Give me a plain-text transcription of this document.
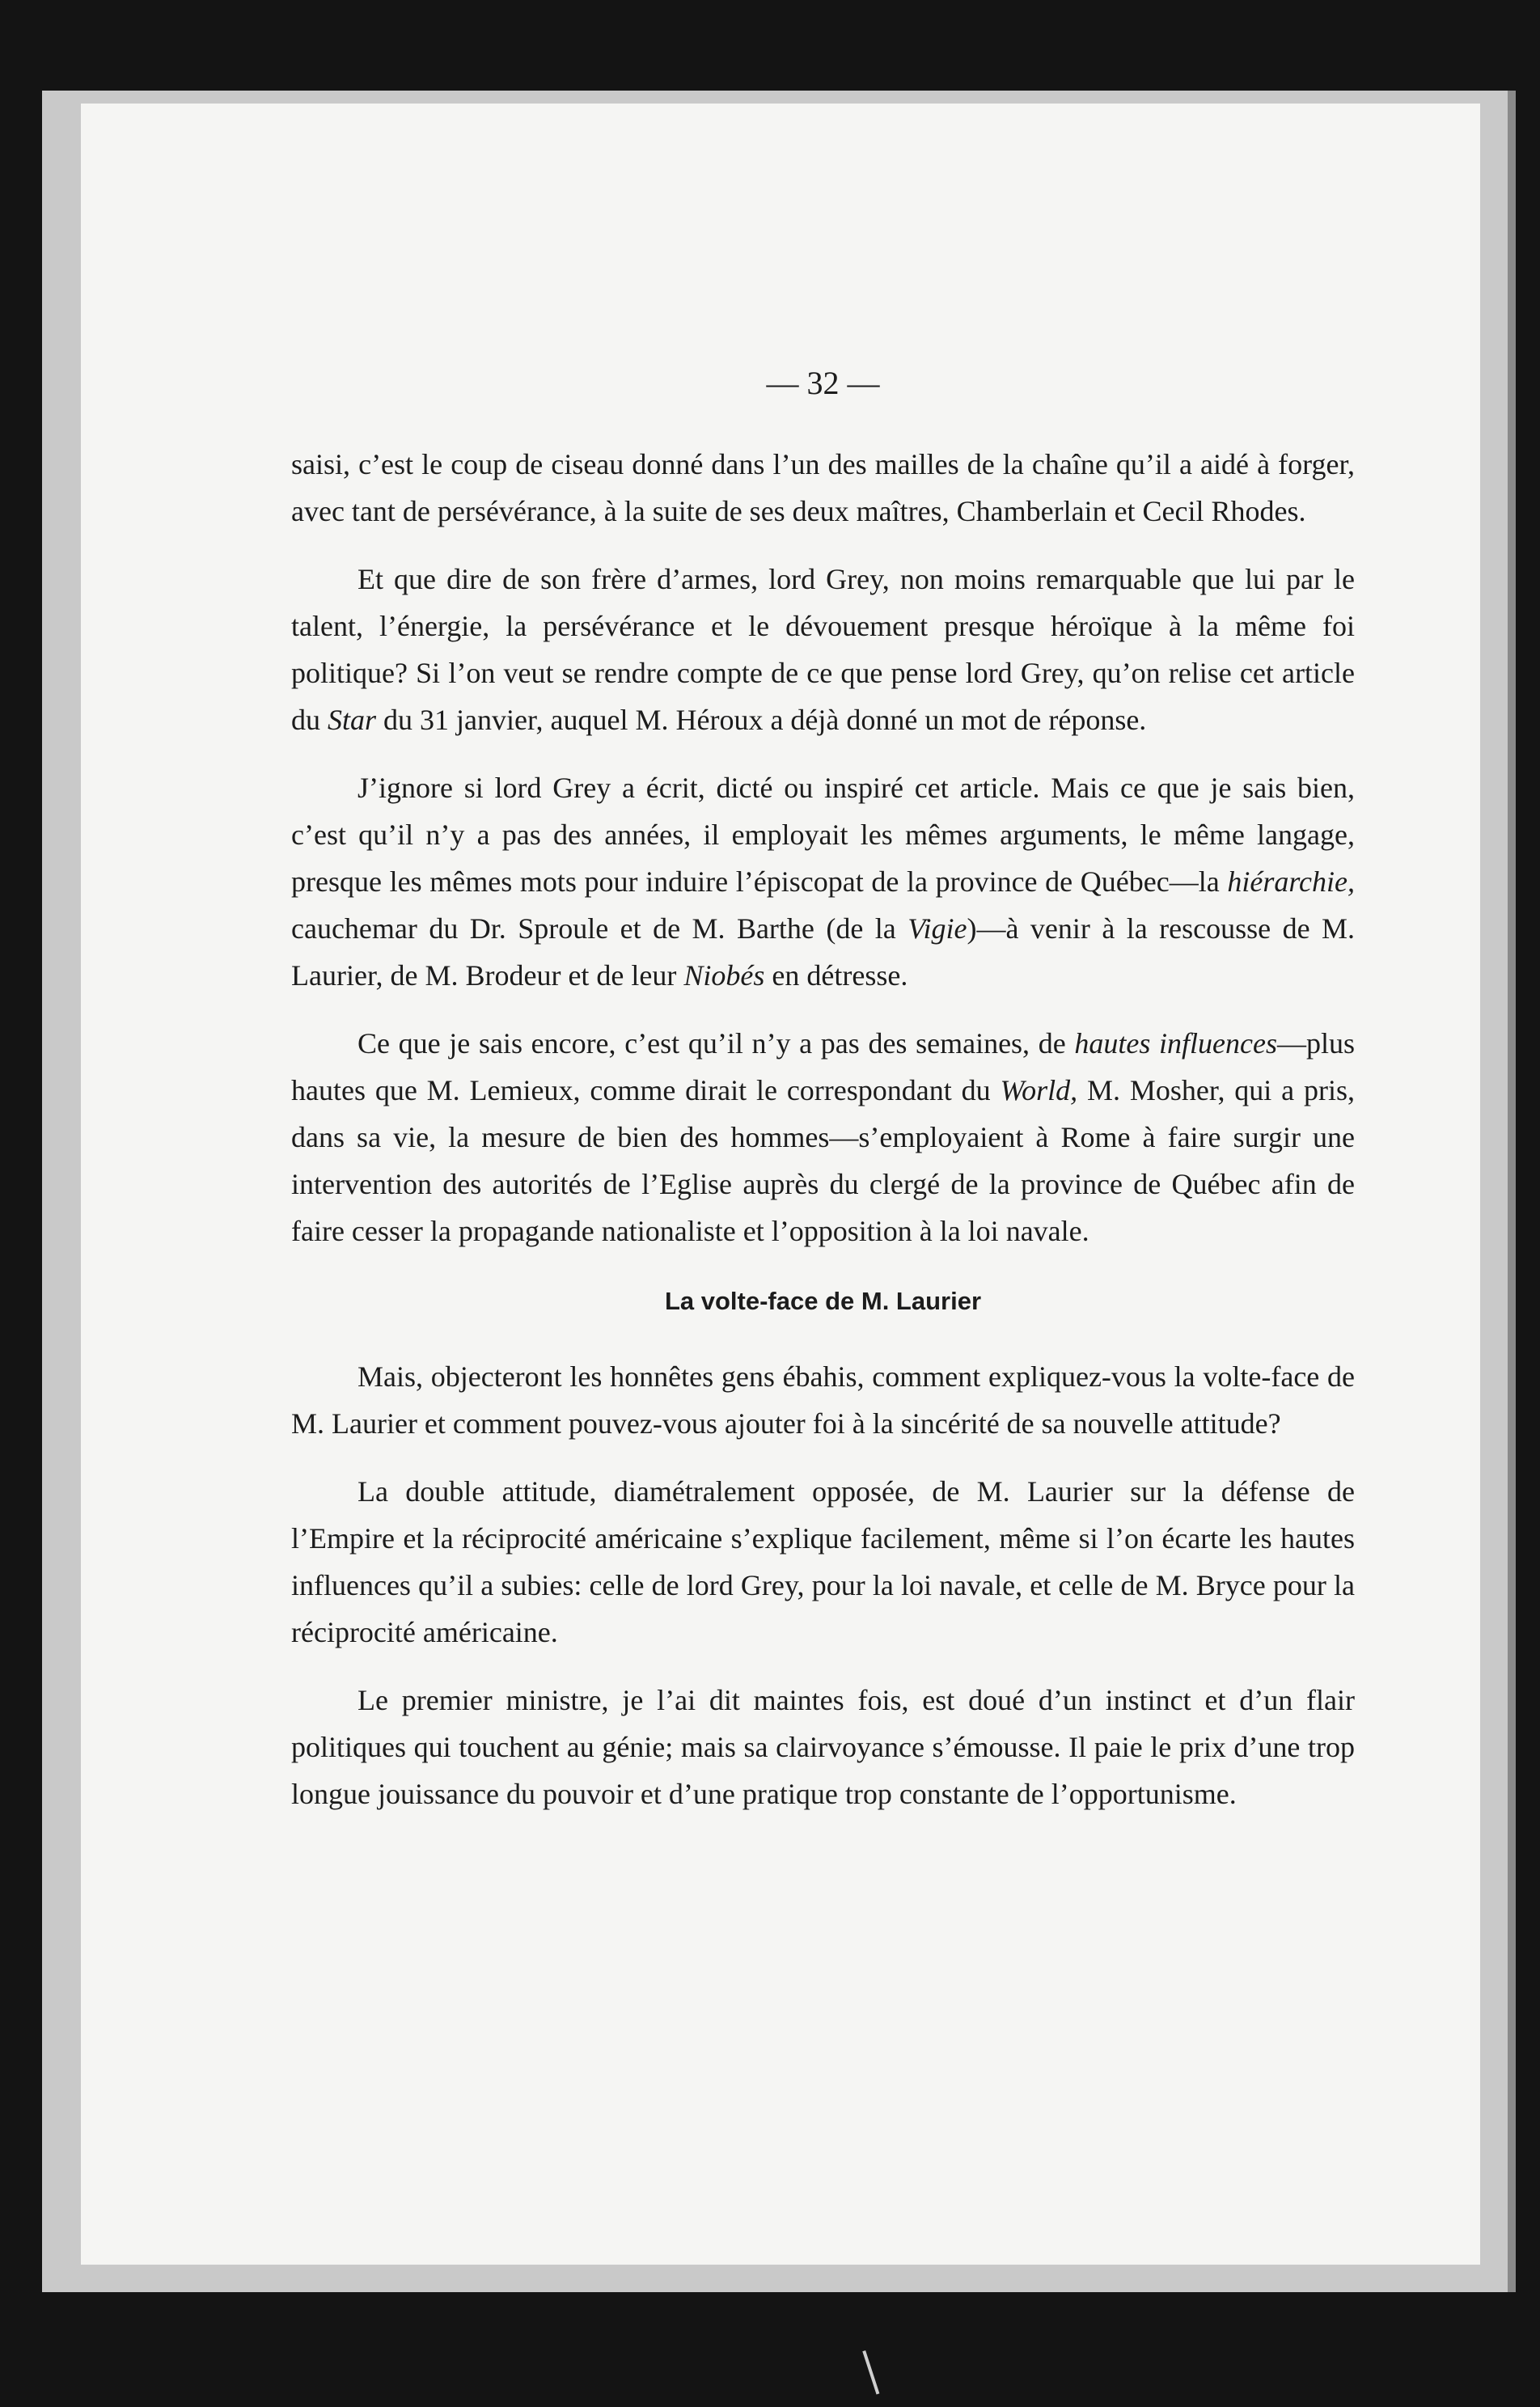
— 32 —

saisi, c’est le coup de ciseau donné dans l’un des mailles de la chaîne qu’il a aidé à forger, avec tant de persévérance, à la suite de ses deux maîtres, Chamberlain et Cecil Rhodes.

Et que dire de son frère d’armes, lord Grey, non moins remarquable que lui par le talent, l’énergie, la persévérance et le dévouement presque héroïque à la même foi politique? Si l’on veut se rendre compte de ce que pense lord Grey, qu’on relise cet article du Star du 31 janvier, auquel M. Héroux a déjà donné un mot de réponse.

J’ignore si lord Grey a écrit, dicté ou inspiré cet article. Mais ce que je sais bien, c’est qu’il n’y a pas des années, il employait les mêmes arguments, le même langage, presque les mêmes mots pour induire l’épiscopat de la province de Québec—la hiérarchie, cauchemar du Dr. Sproule et de M. Barthe (de la Vigie)—à venir à la rescousse de M. Laurier, de M. Brodeur et de leur Niobés en détresse.

Ce que je sais encore, c’est qu’il n’y a pas des semaines, de hautes influences—plus hautes que M. Lemieux, comme dirait le correspondant du World, M. Mosher, qui a pris, dans sa vie, la mesure de bien des hommes—s’employaient à Rome à faire surgir une intervention des autorités de l’Eglise auprès du clergé de la province de Québec afin de faire cesser la propagande nationaliste et l’opposition à la loi navale.

La volte-face de M. Laurier

Mais, objecteront les honnêtes gens ébahis, comment expliquez-vous la volte-face de M. Laurier et comment pouvez-vous ajouter foi à la sincérité de sa nouvelle attitude?

La double attitude, diamétralement opposée, de M. Laurier sur la défense de l’Empire et la réciprocité américaine s’explique facilement, même si l’on écarte les hautes influences qu’il a subies: celle de lord Grey, pour la loi navale, et celle de M. Bryce pour la réciprocité américaine.

Le premier ministre, je l’ai dit maintes fois, est doué d’un instinct et d’un flair politiques qui touchent au génie; mais sa clairvoyance s’émousse. Il paie le prix d’une trop longue jouissance du pouvoir et d’une pratique trop constante de l’opportunisme.
